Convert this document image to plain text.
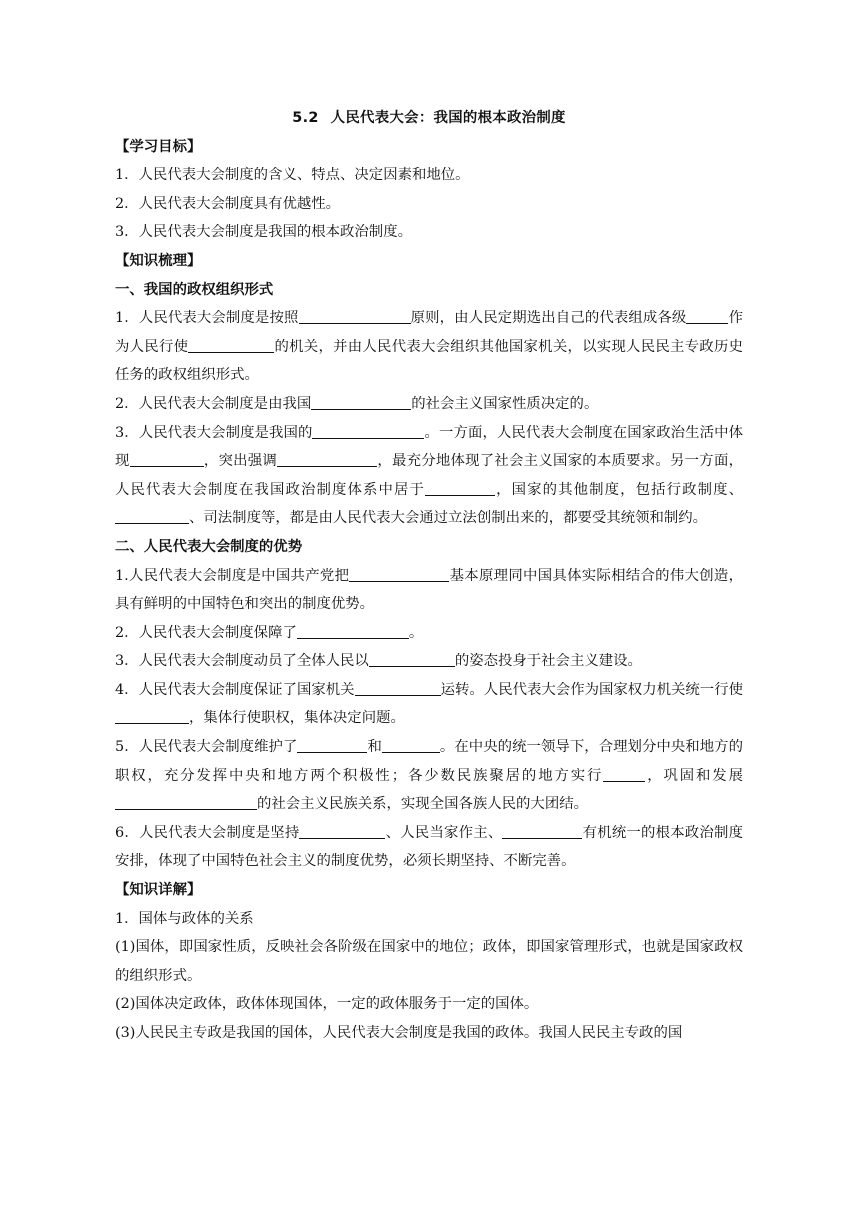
5.2 人民代表大会：我国的根本政治制度
【学习目标】

1．人民代表大会制度的含义、特点、决定因素和地位。

2．人民代表大会制度具有优越性。

3．人民代表大会制度是我国的根本政治制度。

【知识梳理】
一、我国的政权组织形式

1．人民代表大会制度是按照	原则，由人民定期选出自己的代表组成各级	作为人民行使	的机关，并由人民代表大会组织其他国家机关，以实现人民民主专政历史任务的政权组织形式。

2．人民代表大会制度是由我国	的社会主义国家性质决定的。

3．人民代表大会制度是我国的	。一方面，人民代表大会制度在国家政治生活中体现	，突出强调	，最充分地体现了社会主义国家的本质要求。另一方面，人民代表大会制度在我国政治制度体系中居于	，国家的其他制度，包括行政制度、、司法制度等，都是由人民代表大会通过立法创制出来的，都要受其统领和制约。

二、人民代表大会制度的优势

1.人民代表大会制度是中国共产党把	基本原理同中国具体实际相结合的伟大创造，具有鲜明的中国特色和突出的制度优势。

2．人民代表大会制度保障了	。

3．人民代表大会制度动员了全体人民以	的姿态投身于社会主义建设。

4．人民代表大会制度保证了国家机关	运转。人民代表大会作为国家权力机关统一行使，集体行使职权，集体决定问题。

5．人民代表大会制度维护了	和	。在中央的统一领导下，合理划分中央和地方的职权，充分发挥中央和地方两个积极性；各少数民族聚居的地方实行	，巩固和发展的社会主义民族关系，实现全国各族人民的大团结。

6．人民代表大会制度是坚持	、人民当家作主、	有机统一的根本政治制度安排，体现了中国特色社会主义的制度优势，必须长期坚持、不断完善。

【知识详解】

1．国体与政体的关系

(1)国体，即国家性质，反映社会各阶级在国家中的地位；政体，即国家管理形式，也就是国家政权的组织形式。

(2)国体决定政体，政体体现国体，一定的政体服务于一定的国体。

(3)人民民主专政是我国的国体，人民代表大会制度是我国的政体。我国人民民主专政的国
